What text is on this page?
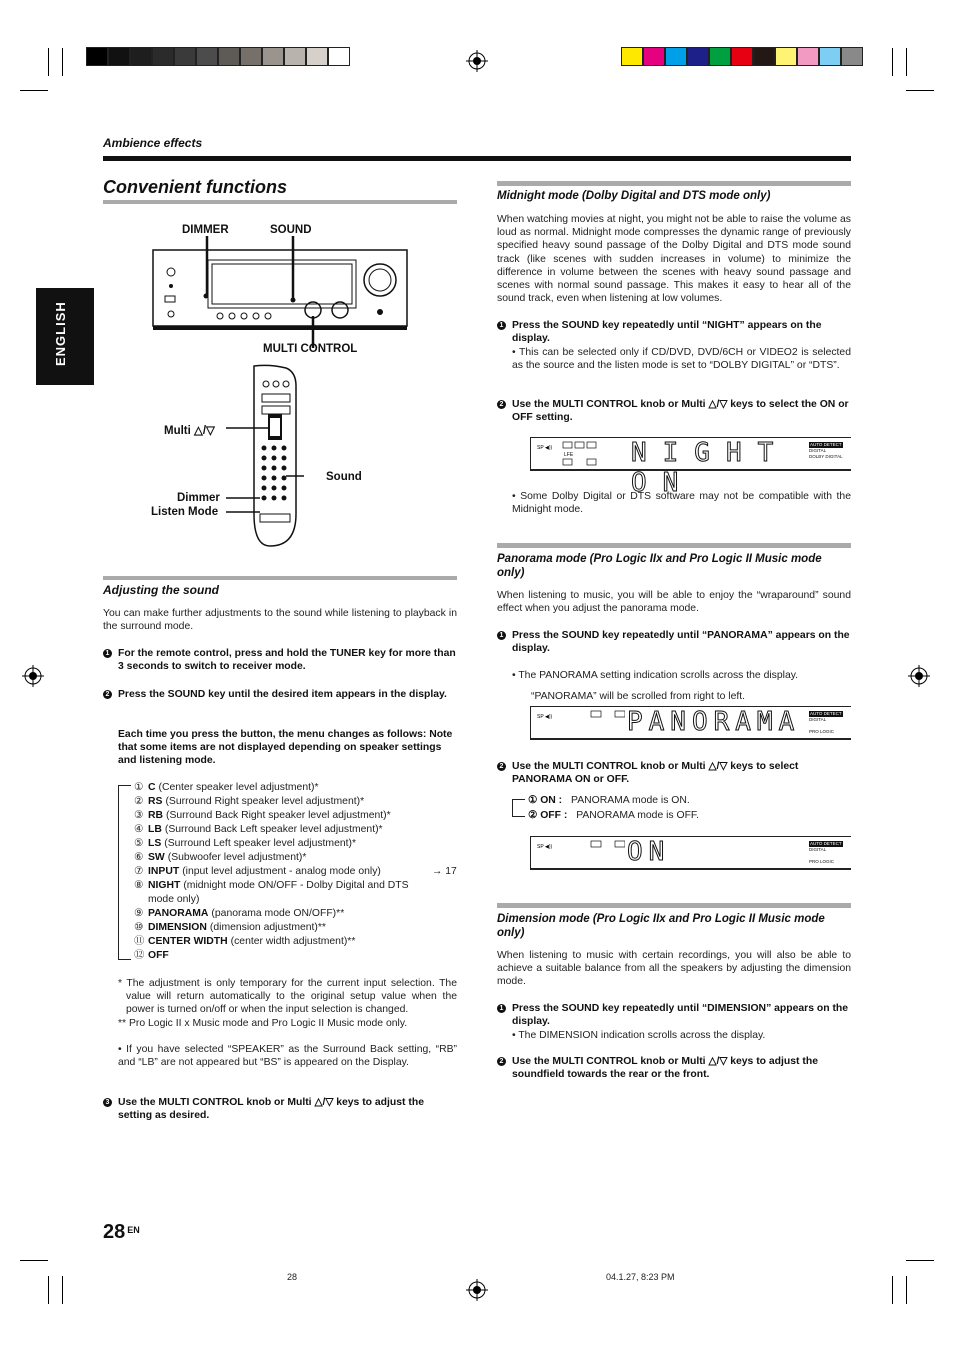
Ambience effects
Convenient functions
ENGLISH
DIMMER	SOUND
MULTI CONTROL
Multi △/▽
Sound
Dimmer
Listen Mode
Adjusting the sound
You can make further adjustments to the sound while listening to playback in the surround mode.
1 For the remote control, press and hold the TUNER key for more than 3 seconds to switch to receiver mode.
2 Press the SOUND key until the desired item appears in the display.
Each time you press the button, the menu changes as follows: Note that some items are not displayed depending on speaker settings and listening mode.
① C (Center speaker level adjustment)*
② RS (Surround Right speaker level adjustment)*
③ RB (Surround Back Right speaker level adjustment)*
④ LB (Surround Back Left speaker level adjustment)*
⑤ LS (Surround Left speaker level adjustment)*
⑥ SW (Subwoofer level adjustment)*
⑦ INPUT (input level adjustment - analog mode only)
⑧ NIGHT (midnight mode ON/OFF - Dolby Digital and DTS
mode only)
⑨ PANORAMA (panorama mode ON/OFF)**
⑩ DIMENSION (dimension adjustment)**
⑪ CENTER WIDTH (center width adjustment)**
⑫ OFF
→ 17
* The adjustment is only temporary for the current input selection. The value will return automatically to the original setup value when the power is turned on/off or when the input selection is changed.
** Pro Logic II x Music mode and Pro Logic II Music mode only.
• If you have selected “SPEAKER” as the Surround Back setting, “RB” and “LB” are not appeared but “BS” is appeared on the Display.
3 Use the MULTI CONTROL knob or Multi △/▽ keys to adjust the setting as desired.
Midnight mode (Dolby Digital and DTS mode only)
When watching movies at night, you might not be able to raise the volume as loud as normal. Midnight mode compresses the dynamic range of previously specified heavy sound passage of the Dolby Digital and DTS mode sound track (like scenes with sudden increases in volume) to minimize the difference in volume between the scenes with heavy sound passage and scenes with normal sound passage. This makes it easy to hear all of the sound track, even when listening at low volumes.
1 Press the SOUND key repeatedly until “NIGHT” appears on the display.
• This can be selected only if CD/DVD, DVD/6CH or VIDEO2 is selected as the source and the listen mode is set to “DOLBY DIGITAL” or “DTS”.
2 Use the MULTI CONTROL knob or Multi △/▽ keys to select the ON or OFF setting.
SP ◀))
LFE NIGHT ON
AUTO DETECT
DIGITAL
DOLBY DIGITAL
• Some Dolby Digital or DTS software may not be compatible with the Midnight mode.
Panorama mode (Pro Logic IIx and Pro Logic II Music mode only)
When listening to music, you will be able to enjoy the “wraparound” sound effect when you adjust the panorama mode.
1 Press the SOUND key repeatedly until “PANORAMA” appears on the display.
• The PANORAMA setting indication scrolls across the display.
“PANORAMA” will be scrolled from right to left.
SP ◀))	PANORAMA AUTO DETECT
DIGITAL
PRO LOGIC
2 Use the MULTI CONTROL knob or Multi △/▽ keys to select PANORAMA ON or OFF.
① ON : PANORAMA mode is ON.
② OFF : PANORAMA mode is OFF.
SP ◀))	ON	AUTO DETECT
DIGITAL
PRO LOGIC
Dimension mode (Pro Logic IIx and Pro Logic II Music mode only)
When listening to music with certain recordings, you will also be able to achieve a suitable balance from all the speakers by adjusting the dimension mode.
1 Press the SOUND key repeatedly until “DIMENSION” appears on the display.
• The DIMENSION indication scrolls across the display.
2 Use the MULTI CONTROL knob or Multi △/▽ keys to adjust the soundfield towards the rear or the front.
28 $^{EN}$
28	04.1.27, 8:23 PM
